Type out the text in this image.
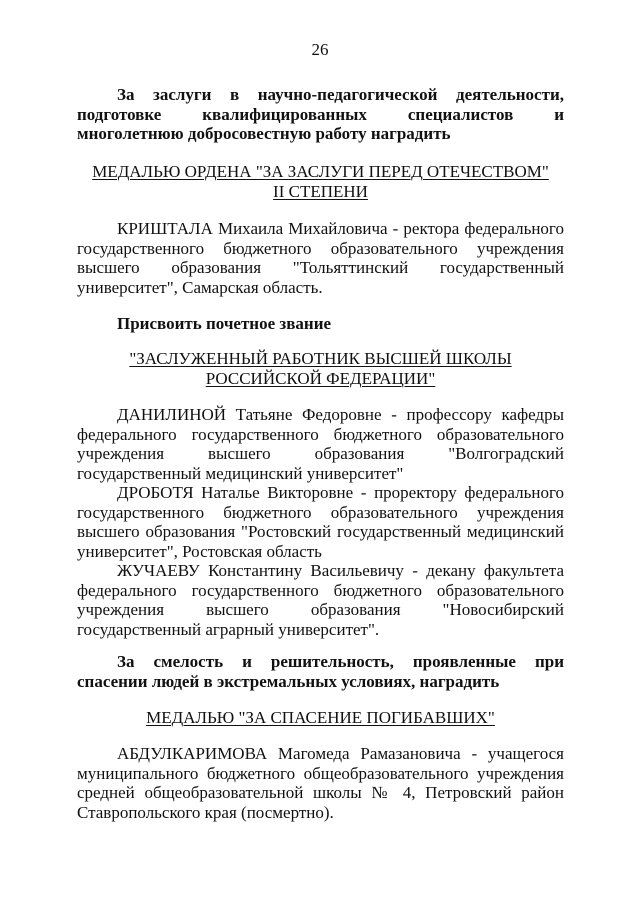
26

За заслуги в научно-педагогической деятельности, подготовке квалифицированных специалистов и многолетнюю добросовестную работу наградить

МЕДАЛЬЮ ОРДЕНА "ЗА ЗАСЛУГИ ПЕРЕД ОТЕЧЕСТВОМ"
II СТЕПЕНИ

КРИШТАЛА Михаила Михайловича - ректора федерального государственного бюджетного образовательного учреждения высшего образования "Тольяттинский государственный университет", Самарская область.

Присвоить почетное звание

"ЗАСЛУЖЕННЫЙ РАБОТНИК ВЫСШЕЙ ШКОЛЫ
РОССИЙСКОЙ ФЕДЕРАЦИИ"

ДАНИЛИНОЙ Татьяне Федоровне - профессору кафедры федерального государственного бюджетного образовательного учреждения высшего образования "Волгоградский государственный медицинский университет"

ДРОБОТЯ Наталье Викторовне - проректору федерального государственного бюджетного образовательного учреждения высшего образования "Ростовский государственный медицинский университет", Ростовская область

ЖУЧАЕВУ Константину Васильевичу - декану факультета федерального государственного бюджетного образовательного учреждения высшего образования "Новосибирский государственный аграрный университет".

За смелость и решительность, проявленные при спасении людей в экстремальных условиях, наградить

МЕДАЛЬЮ "ЗА СПАСЕНИЕ ПОГИБАВШИХ"

АБДУЛКАРИМОВА Магомеда Рамазановича - учащегося муниципального бюджетного общеобразовательного учреждения средней общеобразовательной школы № 4, Петровский район Ставропольского края (посмертно).
